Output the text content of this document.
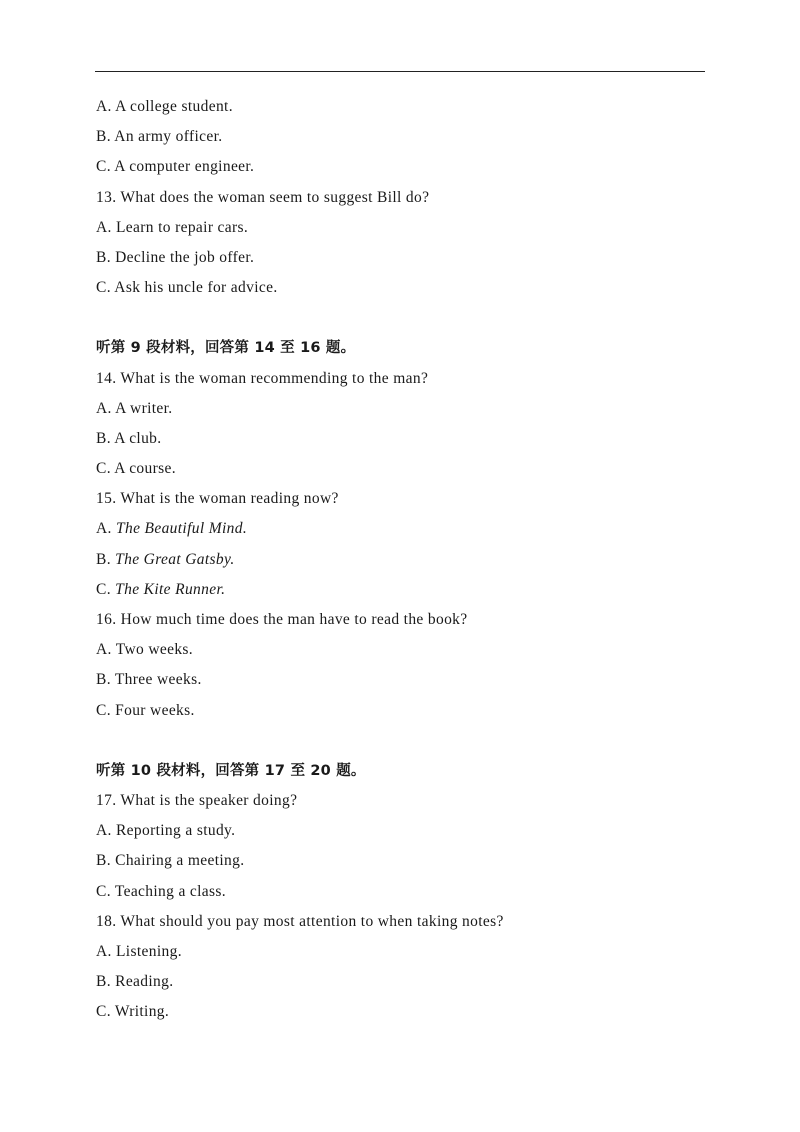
A. A college student.
B. An army officer.
C. A computer engineer.
13. What does the woman seem to suggest Bill do?
A. Learn to repair cars.
B. Decline the job offer.
C. Ask his uncle for advice.
听第 9 段材料，回答第 14 至 16 题。
14. What is the woman recommending to the man?
A. A writer.
B. A club.
C. A course.
15. What is the woman reading now?
A. The Beautiful Mind.
B. The Great Gatsby.
C. The Kite Runner.
16. How much time does the man have to read the book?
A. Two weeks.
B. Three weeks.
C. Four weeks.
听第 10 段材料，回答第 17 至 20 题。
17. What is the speaker doing?
A. Reporting a study.
B. Chairing a meeting.
C. Teaching a class.
18. What should you pay most attention to when taking notes?
A. Listening.
B. Reading.
C. Writing.
